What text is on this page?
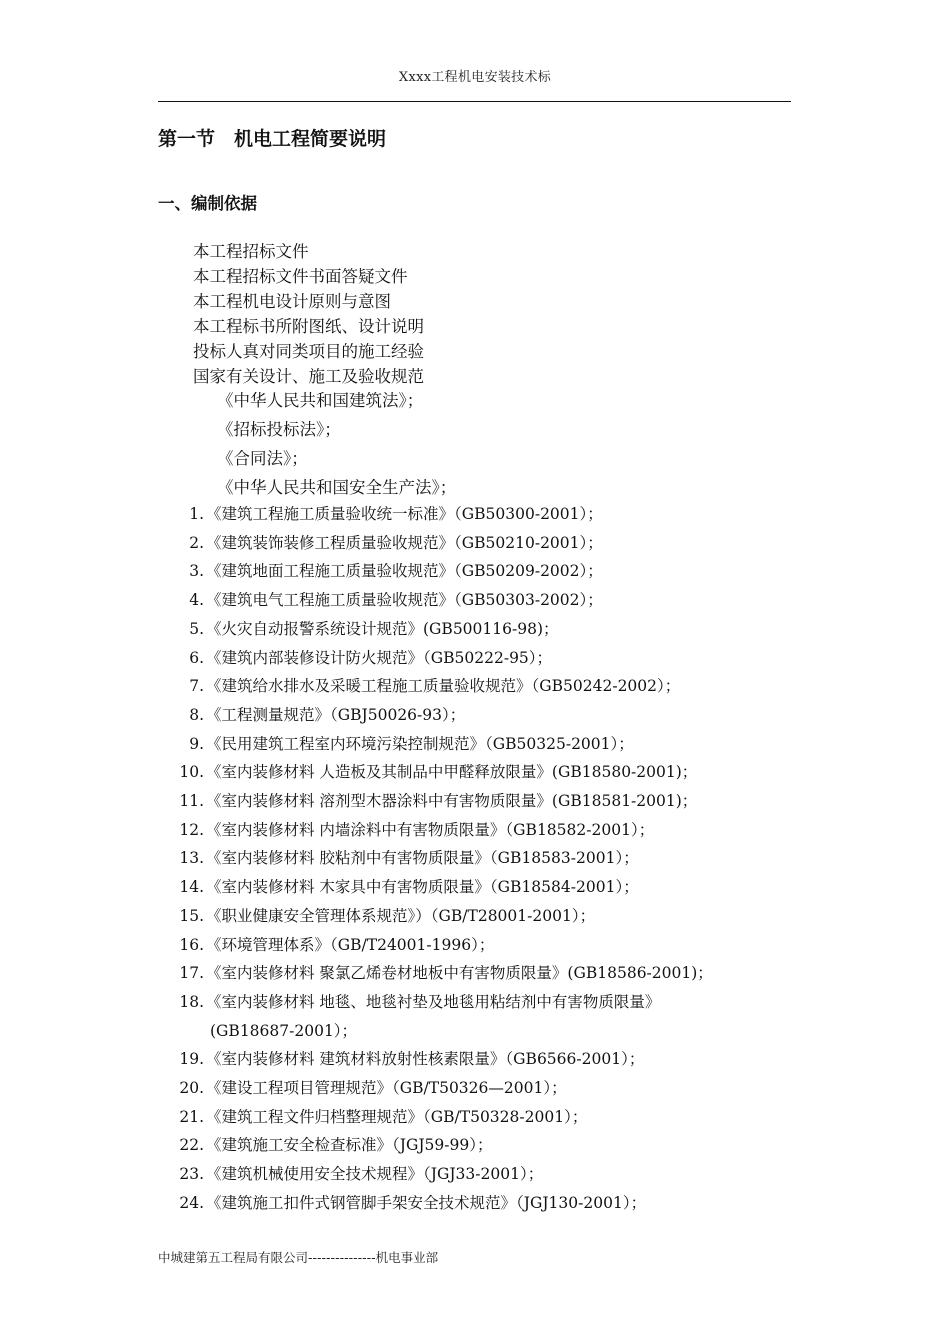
Xxxx工程机电安装技术标
第一节　机电工程简要说明
一、编制依据
本工程招标文件
本工程招标文件书面答疑文件
本工程机电设计原则与意图
本工程标书所附图纸、设计说明
投标人真对同类项目的施工经验
国家有关设计、施工及验收规范
《中华人民共和国建筑法》；
《招标投标法》；
《合同法》；
《中华人民共和国安全生产法》；
1. 《建筑工程施工质量验收统一标准》（GB50300-2001）；
2. 《建筑装饰装修工程质量验收规范》（GB50210-2001）；
3. 《建筑地面工程施工质量验收规范》（GB50209-2002）；
4. 《建筑电气工程施工质量验收规范》（GB50303-2002）；
5. 《火灾自动报警系统设计规范》(GB500116-98)；
6. 《建筑内部装修设计防火规范》（GB50222-95）；
7. 《建筑给水排水及采暖工程施工质量验收规范》（GB50242-2002）；
8. 《工程测量规范》（GBJ50026-93）；
9. 《民用建筑工程室内环境污染控制规范》（GB50325-2001）；
10. 《室内装修材料 人造板及其制品中甲醛释放限量》(GB18580-2001)；
11. 《室内装修材料 溶剂型木器涂料中有害物质限量》(GB18581-2001)；
12. 《室内装修材料 内墙涂料中有害物质限量》（GB18582-2001）；
13. 《室内装修材料 胶粘剂中有害物质限量》（GB18583-2001）；
14. 《室内装修材料 木家具中有害物质限量》（GB18584-2001）；
15. 《职业健康安全管理体系规范》）（GB/T28001-2001）；
16. 《环境管理体系》（GB/T24001-1996）；
17. 《室内装修材料 聚氯乙烯卷材地板中有害物质限量》(GB18586-2001)；
18. 《室内装修材料 地毯、地毯衬垫及地毯用粘结剂中有害物质限量》
(GB18687-2001）；
19. 《室内装修材料 建筑材料放射性核素限量》（GB6566-2001）；
20. 《建设工程项目管理规范》（GB/T50326—2001）；
21. 《建筑工程文件归档整理规范》（GB/T50328-2001）；
22. 《建筑施工安全检查标准》（JGJ59-99）；
23. 《建筑机械使用安全技术规程》（JGJ33-2001）；
24. 《建筑施工扣件式钢管脚手架安全技术规范》（JGJ130-2001）；
中城建第五工程局有限公司---------------机电事业部
